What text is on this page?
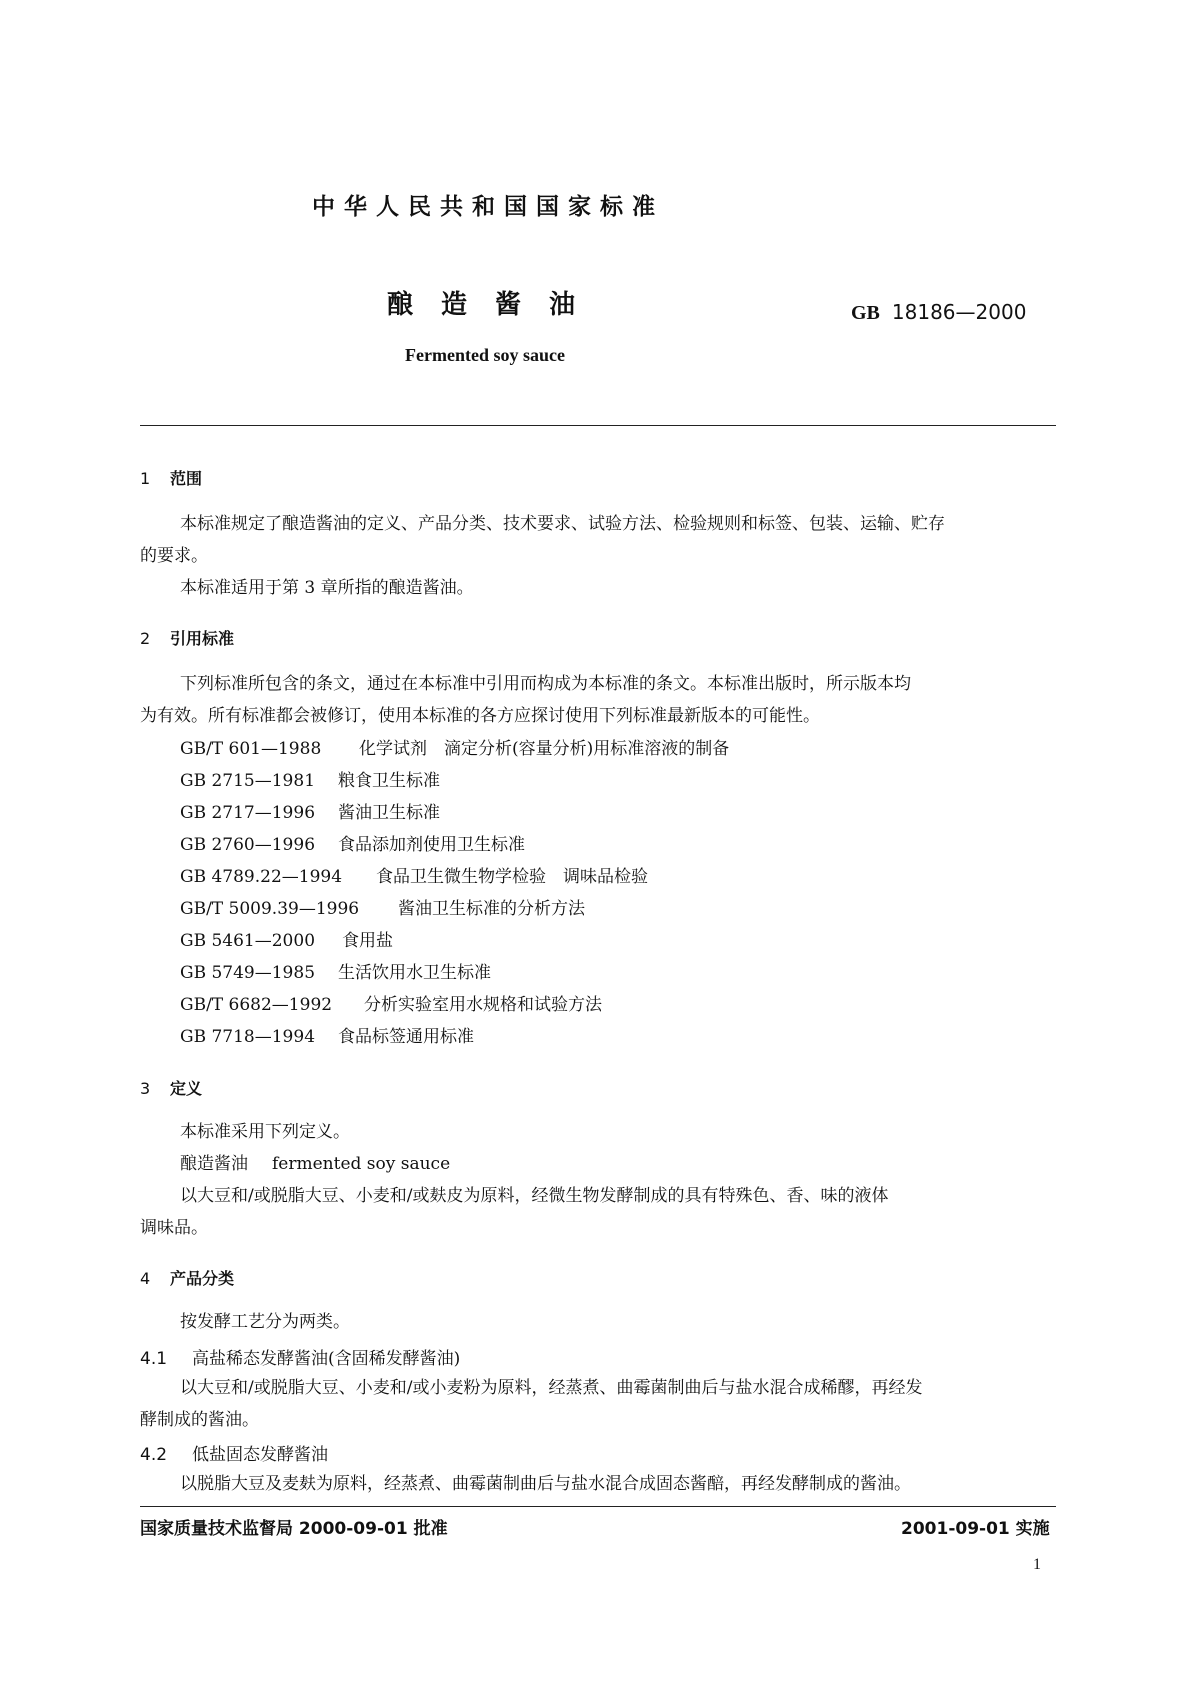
中华人民共和国国家标准
酿造酱油	GB 18186—2000
Fermented soy sauce
1 范围
本标准规定了酿造酱油的定义、产品分类、技术要求、试验方法、检验规则和标签、包装、运输、贮存
的要求。
本标准适用于第 3 章所指的酿造酱油。
2 引用标准
下列标准所包含的条文，通过在本标准中引用而构成为本标准的条文。本标准出版时，所示版本均
为有效。所有标准都会被修订，使用本标准的各方应探讨使用下列标准最新版本的可能性。
GB/T 601—1988 化学试剂　滴定分析(容量分析)用标准溶液的制备
GB 2715—1981 粮食卫生标准
GB 2717—1996 酱油卫生标准
GB 2760—1996 食品添加剂使用卫生标准
GB 4789.22—1994 食品卫生微生物学检验　调味品检验
GB/T 5009.39—1996 酱油卫生标准的分析方法
GB 5461—2000 食用盐
GB 5749—1985 生活饮用水卫生标准
GB/T 6682—1992 分析实验室用水规格和试验方法
GB 7718—1994 食品标签通用标准
3 定义
本标准采用下列定义。
酿造酱油 fermented soy sauce
以大豆和/或脱脂大豆、小麦和/或麸皮为原料，经微生物发酵制成的具有特殊色、香、味的液体
调味品。
4 产品分类
按发酵工艺分为两类。
4.1 高盐稀态发酵酱油(含固稀发酵酱油)
以大豆和/或脱脂大豆、小麦和/或小麦粉为原料，经蒸煮、曲霉菌制曲后与盐水混合成稀醪，再经发
酵制成的酱油。
4.2 低盐固态发酵酱油
以脱脂大豆及麦麸为原料，经蒸煮、曲霉菌制曲后与盐水混合成固态酱醅，再经发酵制成的酱油。
国家质量技术监督局 2000-09-01 批准	2001-09-01 实施
1
